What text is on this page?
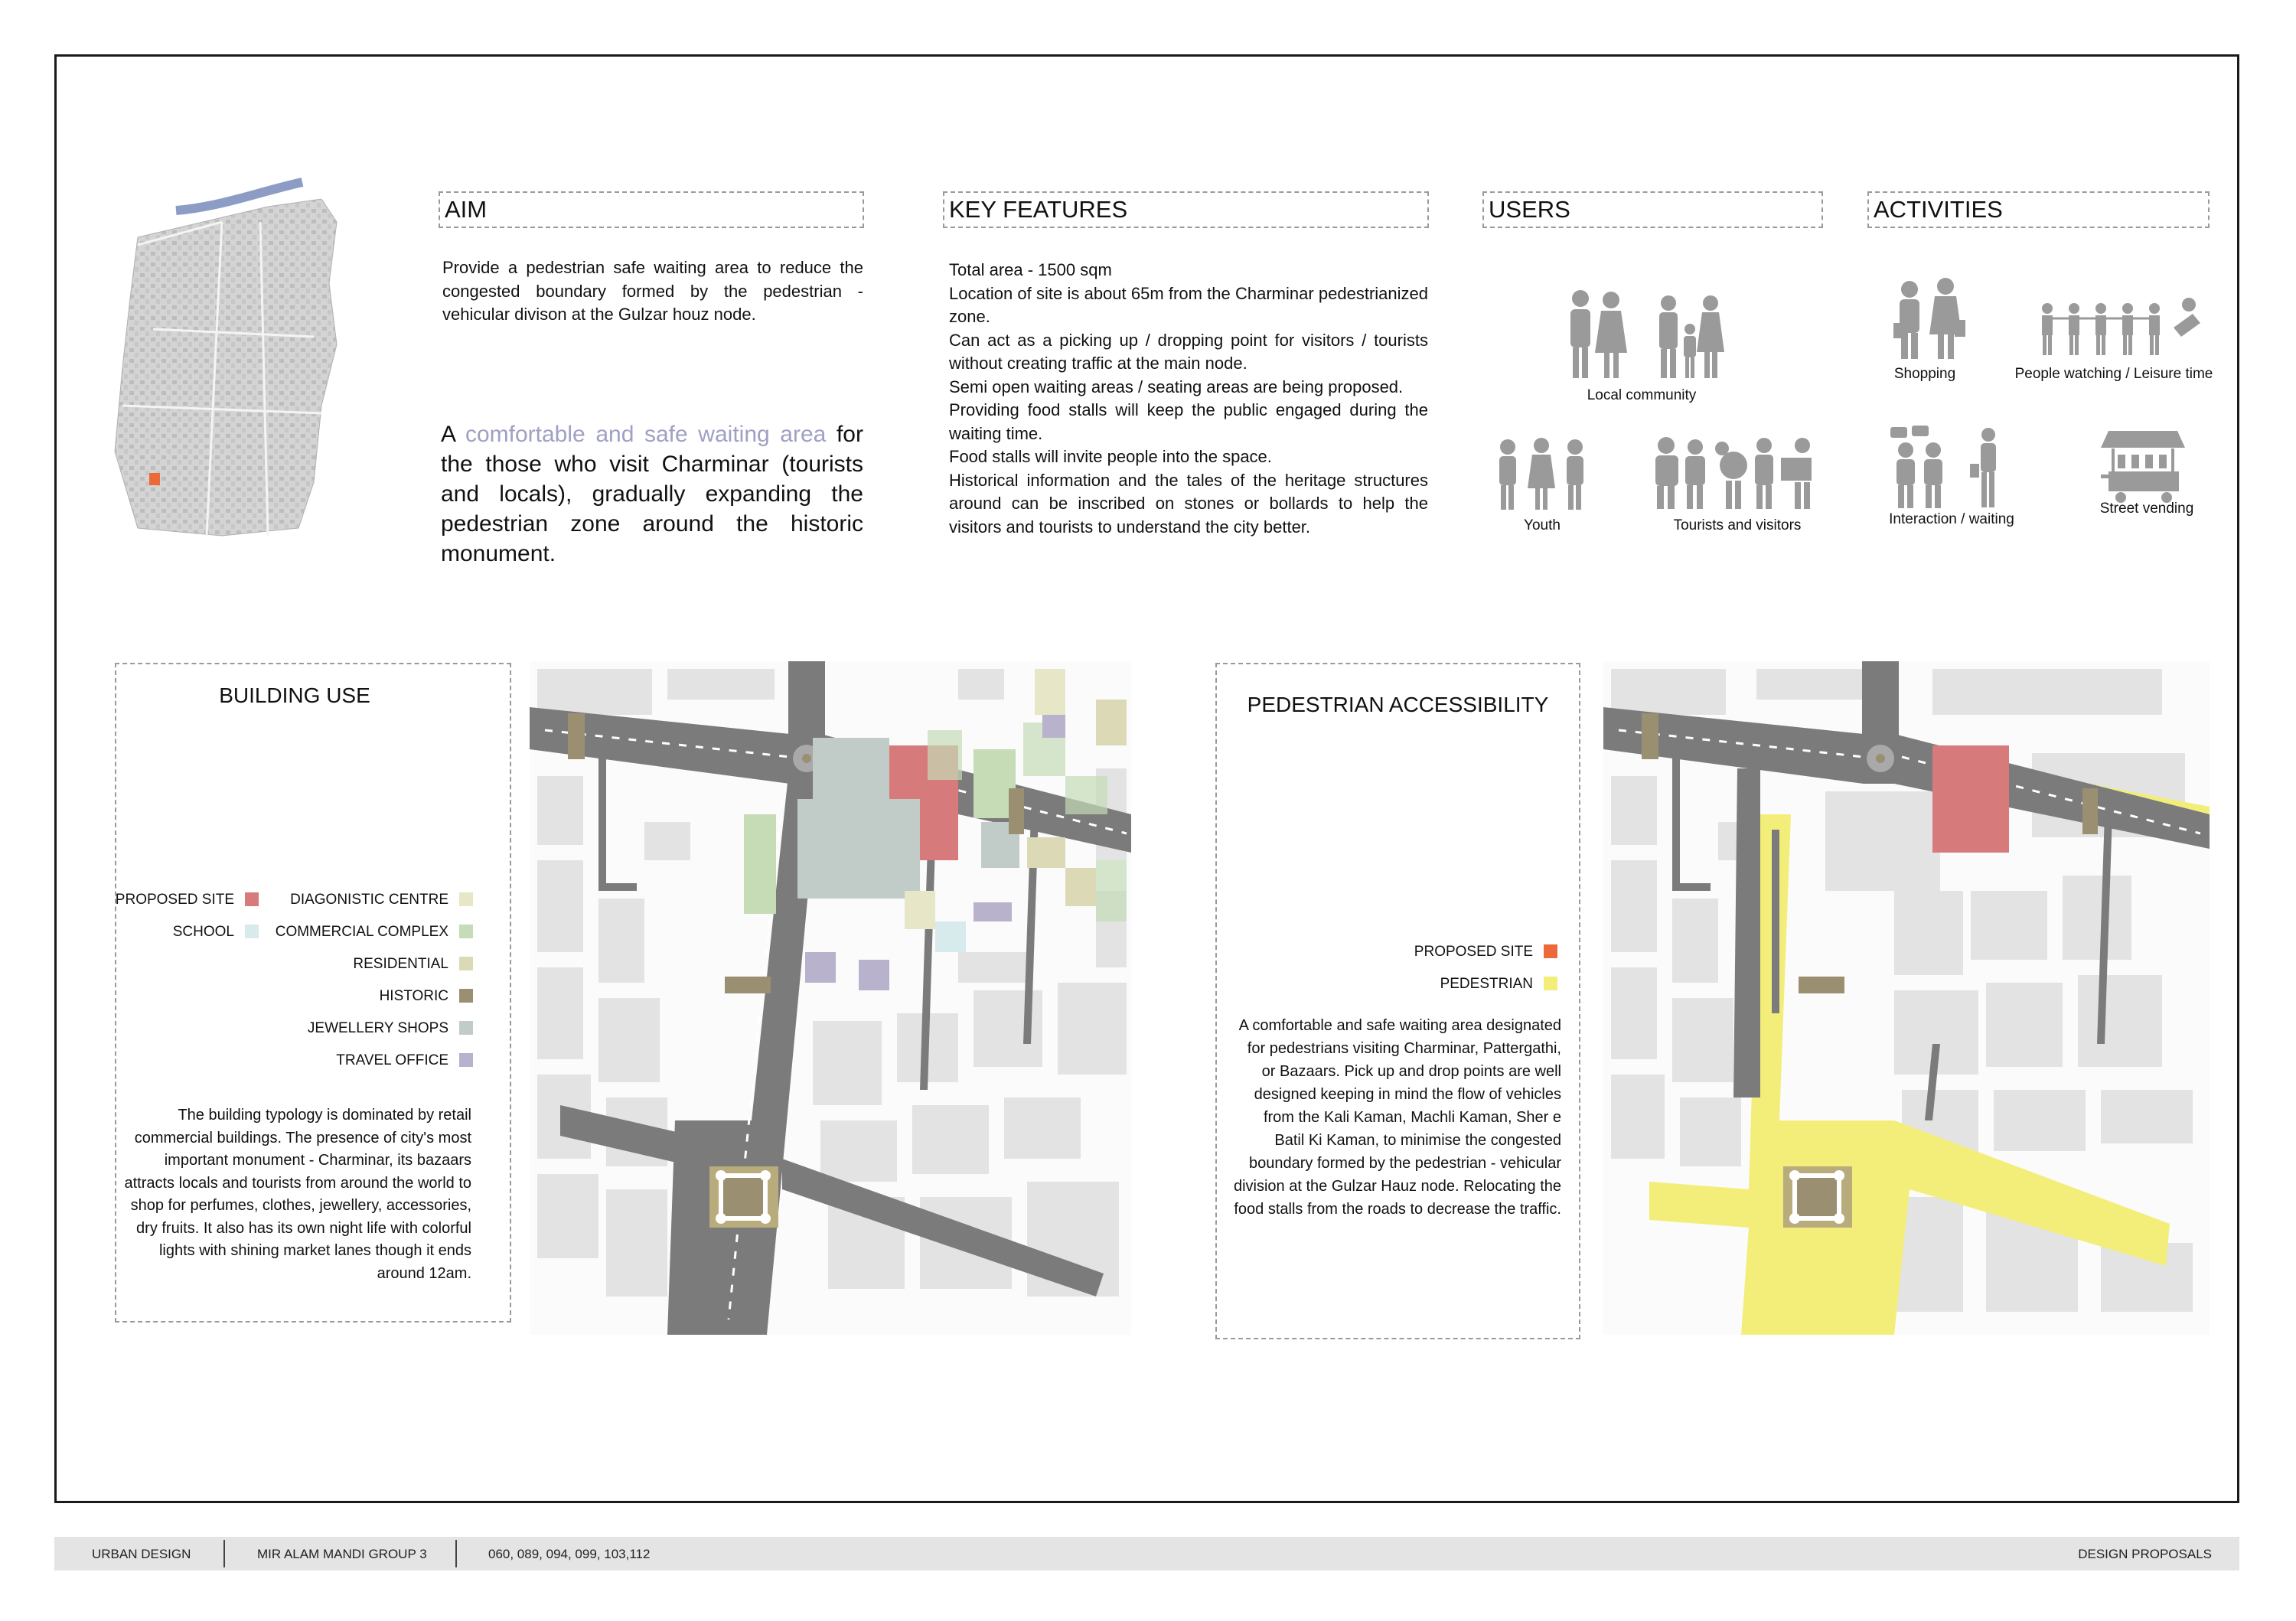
AIM
Provide a pedestrian safe waiting area to reduce the congested boundary formed by the pedestrian - vehicular divison at the Gulzar houz node.
A comfortable and safe waiting area for the those who visit Charminar (tourists and locals), gradually expanding the pedestrian zone around the historic monument.
KEY FEATURES
Total area - 1500 sqm
Location of site is about 65m from the Charminar pedestrianized zone.
Can act as a picking up / dropping point for visitors / tourists without creating traffic at the main node.
Semi open waiting areas / seating areas are being proposed.
Providing food stalls will keep the public engaged during the waiting time.
Food stalls will invite people into the space.
Historical information and the tales of the heritage structures around can be inscribed on stones or bollards to help the visitors and tourists to understand the city better.
USERS
Local community
Youth	Tourists and visitors
ACTIVITIES
Shopping	People watching / Leisure time
Interaction / waiting
Street vending
BUILDING USE
PROPOSED SITE
SCHOOL
DIAGONISTIC CENTRE
COMMERCIAL COMPLEX
RESIDENTIAL
HISTORIC
JEWELLERY SHOPS
TRAVEL OFFICE
The building typology is dominated by retail commercial buildings. The presence of city's most important monument - Charminar, its bazaars attracts locals and tourists from around the world to shop for perfumes, clothes, jewellery, accessories, dry fruits. It also has its own night life with colorful lights with shining market lanes though it ends around 12am.
PEDESTRIAN ACCESSIBILITY
PROPOSED SITE
PEDESTRIAN
A comfortable and safe waiting area designated for pedestrians visiting Charminar, Pattergathi, or Bazaars. Pick up and drop points are well designed keeping in mind the flow of vehicles from the Kali Kaman, Machli Kaman, Sher e Batil Ki Kaman, to minimise the congested boundary formed by the pedestrian - vehicular division at the Gulzar Hauz node. Relocating the food stalls from the roads to decrease the traffic.
URBAN DESIGN	MIR ALAM MANDI GROUP 3	060, 089, 094, 099, 103,112	DESIGN PROPOSALS
